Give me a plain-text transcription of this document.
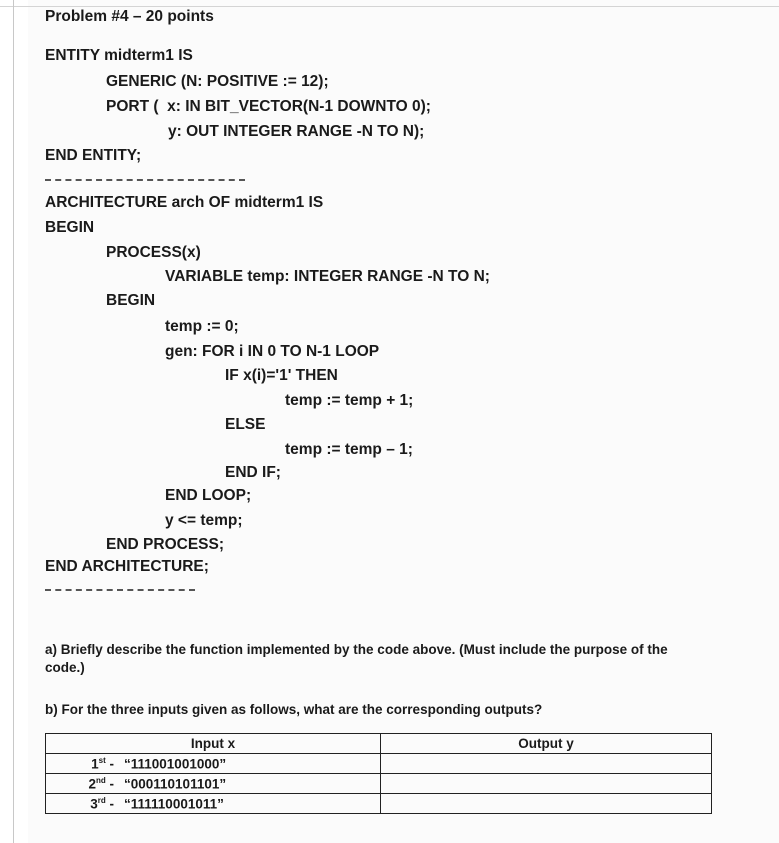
Problem #4 – 20 points
ENTITY midterm1 IS
GENERIC (N: POSITIVE := 12);
PORT (  x: IN BIT_VECTOR(N-1 DOWNTO 0);
y: OUT INTEGER RANGE -N TO N);
END ENTITY;
ARCHITECTURE arch OF midterm1 IS
BEGIN
PROCESS(x)
VARIABLE temp: INTEGER RANGE -N TO N;
BEGIN
temp := 0;
gen: FOR i IN 0 TO N-1 LOOP
IF x(i)='1' THEN
temp := temp + 1;
ELSE
temp := temp – 1;
END IF;
END LOOP;
y <= temp;
END PROCESS;
END ARCHITECTURE;
a) Briefly describe the function implemented by the code above. (Must include the purpose of the code.)
b) For the three inputs given as follows, what are the corresponding outputs?
Input x	Output y
1st - “111001001000”	
2nd - “000110101101”	
3rd - “111110001011”	
